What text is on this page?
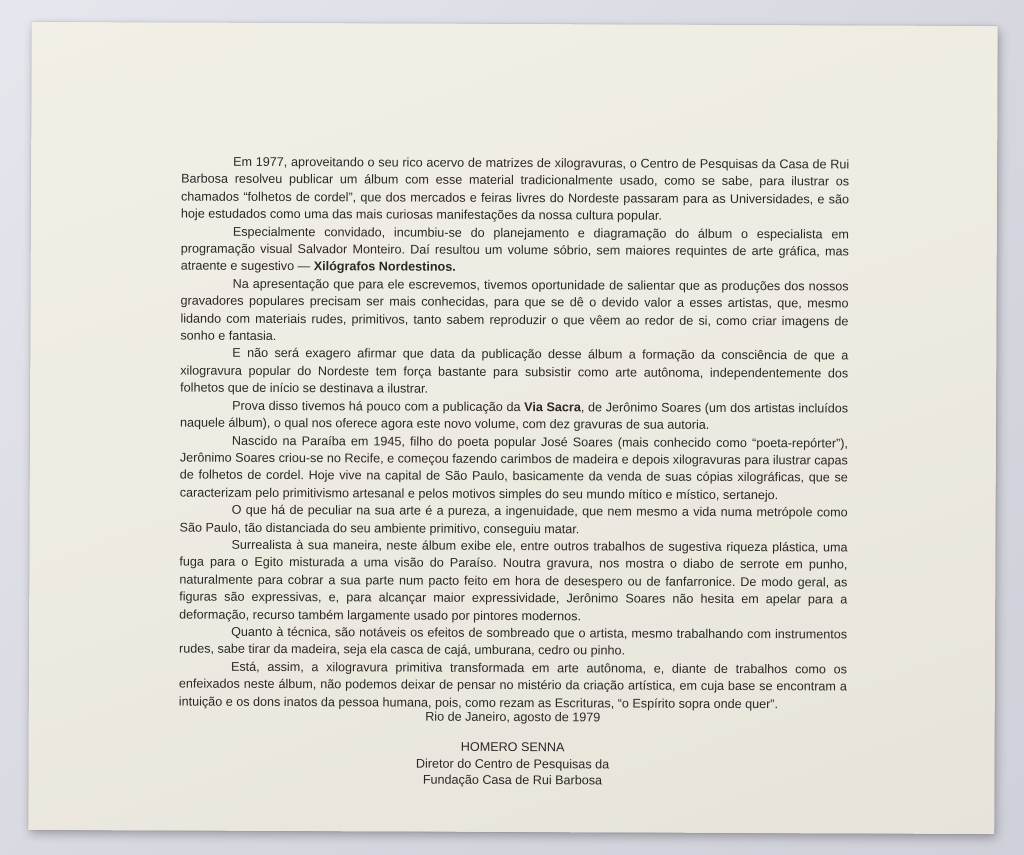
Em 1977, aproveitando o seu rico acervo de matrizes de xilogravuras, o Centro de Pesquisas da Casa de Rui Barbosa resolveu publicar um álbum com esse material tradicionalmente usado, como se sabe, para ilustrar os chamados “folhetos de cordel”, que dos mercados e feiras livres do Nordeste passaram para as Universidades, e são hoje estudados como uma das mais curiosas manifestações da nossa cultura popular.

Especialmente convidado, incumbiu-se do planejamento e diagramação do álbum o especialista em programação visual Salvador Monteiro. Daí resultou um volume sóbrio, sem maiores requintes de arte gráfica, mas atraente e sugestivo — Xilógrafos Nordestinos.

Na apresentação que para ele escrevemos, tivemos oportunidade de salientar que as produções dos nossos gravadores populares precisam ser mais conhecidas, para que se dê o devido valor a esses artistas, que, mesmo lidando com materiais rudes, primitivos, tanto sabem reproduzir o que vêem ao redor de si, como criar imagens de sonho e fantasia.

E não será exagero afirmar que data da publicação desse álbum a formação da consciência de que a xilogravura popular do Nordeste tem força bastante para subsistir como arte autônoma, independentemente dos folhetos que de início se destinava a ilustrar.

Prova disso tivemos há pouco com a publicação da Via Sacra, de Jerônimo Soares (um dos artistas incluídos naquele álbum), o qual nos oferece agora este novo volume, com dez gravuras de sua autoria.

Nascido na Paraíba em 1945, filho do poeta popular José Soares (mais conhecido como “poeta-repórter”), Jerônimo Soares criou-se no Recife, e começou fazendo carimbos de madeira e depois xilogravuras para ilustrar capas de folhetos de cordel. Hoje vive na capital de São Paulo, basicamente da venda de suas cópias xilográficas, que se caracterizam pelo primitivismo artesanal e pelos motivos simples do seu mundo mítico e místico, sertanejo.

O que há de peculiar na sua arte é a pureza, a ingenuidade, que nem mesmo a vida numa metrópole como São Paulo, tão distanciada do seu ambiente primitivo, conseguiu matar.

Surrealista à sua maneira, neste álbum exibe ele, entre outros trabalhos de sugestiva riqueza plástica, uma fuga para o Egito misturada a uma visão do Paraíso. Noutra gravura, nos mostra o diabo de serrote em punho, naturalmente para cobrar a sua parte num pacto feito em hora de desespero ou de fanfarronice. De modo geral, as figuras são expressivas, e, para alcançar maior expressividade, Jerônimo Soares não hesita em apelar para a deformação, recurso também largamente usado por pintores modernos.

Quanto à técnica, são notáveis os efeitos de sombreado que o artista, mesmo trabalhando com instrumentos rudes, sabe tirar da madeira, seja ela casca de cajá, umburana, cedro ou pinho.

Está, assim, a xilogravura primitiva transformada em arte autônoma, e, diante de trabalhos como os enfeixados neste álbum, não podemos deixar de pensar no mistério da criação artística, em cuja base se encontram a intuição e os dons inatos da pessoa humana, pois, como rezam as Escrituras, “o Espírito sopra onde quer”.

Rio de Janeiro, agosto de 1979
HOMERO SENNA
Diretor do Centro de Pesquisas da
Fundação Casa de Rui Barbosa
